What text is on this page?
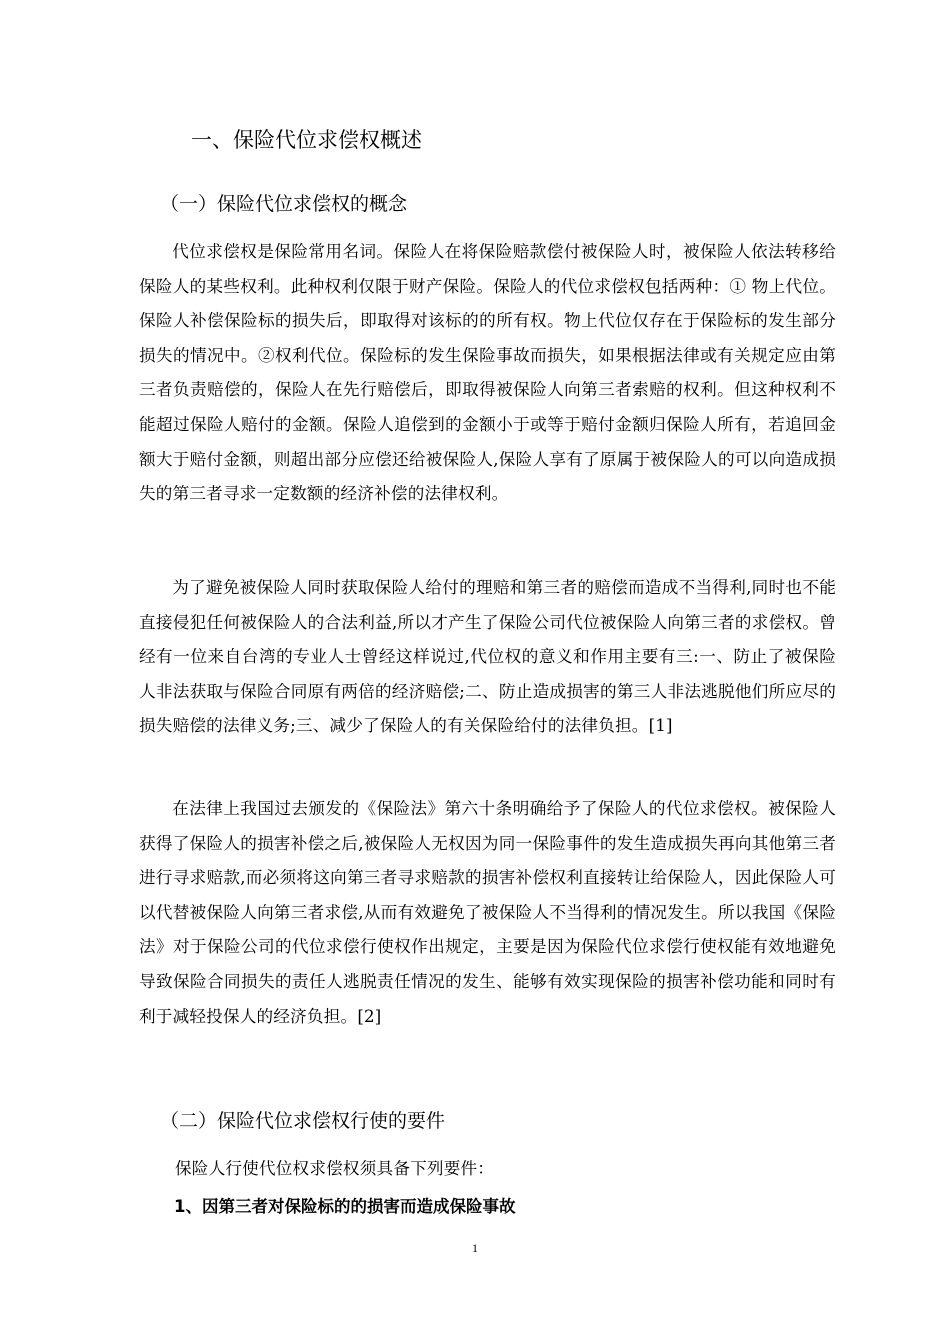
一、保险代位求偿权概述
（一）保险代位求偿权的概念

代位求偿权是保险常用名词。保险人在将保险赔款偿付被保险人时，被保险人依法转移给保险人的某些权利。此种权利仅限于财产保险。保险人的代位求偿权包括两种：① 物上代位。保险人补偿保险标的损失后，即取得对该标的的所有权。物上代位仅存在于保险标的发生部分损失的情况中。②权利代位。保险标的发生保险事故而损失，如果根据法律或有关规定应由第三者负责赔偿的，保险人在先行赔偿后，即取得被保险人向第三者索赔的权利。但这种权利不能超过保险人赔付的金额。保险人追偿到的金额小于或等于赔付金额归保险人所有，若追回金额大于赔付金额，则超出部分应偿还给被保险人,保险人享有了原属于被保险人的可以向造成损失的第三者寻求一定数额的经济补偿的法律权利。

为了避免被保险人同时获取保险人给付的理赔和第三者的赔偿而造成不当得利,同时也不能直接侵犯任何被保险人的合法利益,所以才产生了保险公司代位被保险人向第三者的求偿权。曾经有一位来自台湾的专业人士曾经这样说过,代位权的意义和作用主要有三:一、防止了被保险人非法获取与保险合同原有两倍的经济赔偿;二、防止造成损害的第三人非法逃脱他们所应尽的损失赔偿的法律义务;三、减少了保险人的有关保险给付的法律负担。[1]

在法律上我国过去颁发的《保险法》第六十条明确给予了保险人的代位求偿权。被保险人获得了保险人的损害补偿之后,被保险人无权因为同一保险事件的发生造成损失再向其他第三者进行寻求赔款,而必须将这向第三者寻求赔款的损害补偿权利直接转让给保险人，因此保险人可以代替被保险人向第三者求偿,从而有效避免了被保险人不当得利的情况发生。所以我国《保险法》对于保险公司的代位求偿行使权作出规定，主要是因为保险代位求偿行使权能有效地避免导致保险合同损失的责任人逃脱责任情况的发生、能够有效实现保险的损害补偿功能和同时有利于减轻投保人的经济负担。[2]

（二）保险代位求偿权行使的要件

保险人行使代位权求偿权须具备下列要件：

1、因第三者对保险标的的损害而造成保险事故
1
